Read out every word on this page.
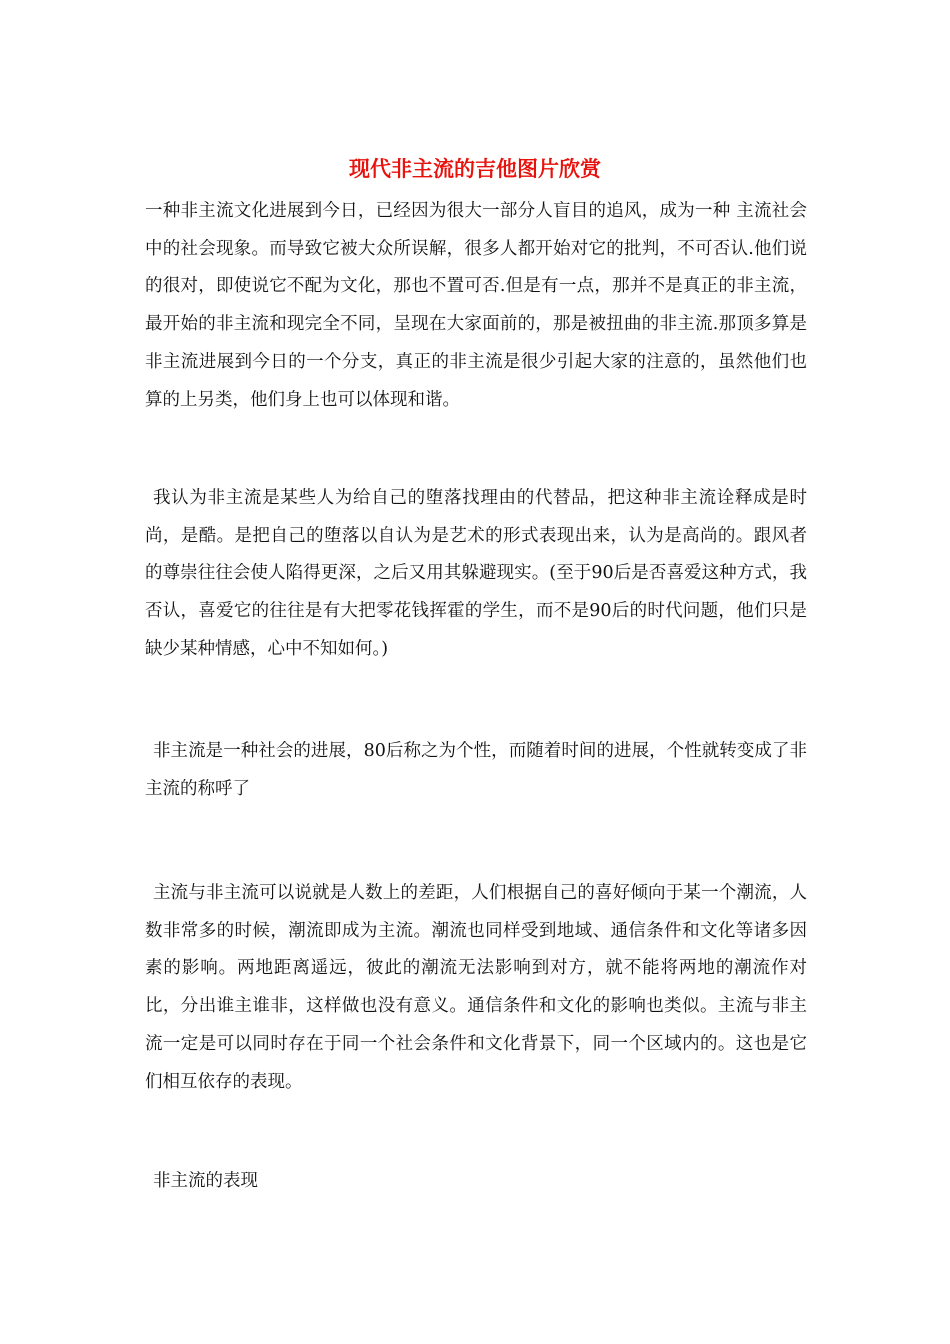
现代非主流的吉他图片欣赏

一种非主流文化进展到今日，已经因为很大一部分人盲目的追风，成为一种 主流社会中的社会现象。而导致它被大众所误解，很多人都开始对它的批判，不可否认.他们说的很对，即使说它不配为文化，那也不置可否.但是有一点，那并不是真正的非主流，最开始的非主流和现完全不同，呈现在大家面前的，那是被扭曲的非主流.那顶多算是非主流进展到今日的一个分支，真正的非主流是很少引起大家的注意的，虽然他们也算的上另类，他们身上也可以体现和谐。

我认为非主流是某些人为给自己的堕落找理由的代替品，把这种非主流诠释成是时尚，是酷。是把自己的堕落以自认为是艺术的形式表现出来，认为是高尚的。跟风者的尊崇往往会使人陷得更深，之后又用其躲避现实。(至于90后是否喜爱这种方式，我否认，喜爱它的往往是有大把零花钱挥霍的学生，而不是90后的时代问题，他们只是缺少某种情感，心中不知如何。)

非主流是一种社会的进展，80后称之为个性，而随着时间的进展，个性就转变成了非主流的称呼了

主流与非主流可以说就是人数上的差距，人们根据自己的喜好倾向于某一个潮流，人数非常多的时候，潮流即成为主流。潮流也同样受到地域、通信条件和文化等诸多因素的影响。两地距离遥远，彼此的潮流无法影响到对方，就不能将两地的潮流作对比，分出谁主谁非，这样做也没有意义。通信条件和文化的影响也类似。主流与非主流一定是可以同时存在于同一个社会条件和文化背景下，同一个区域内的。这也是它们相互依存的表现。

非主流的表现
